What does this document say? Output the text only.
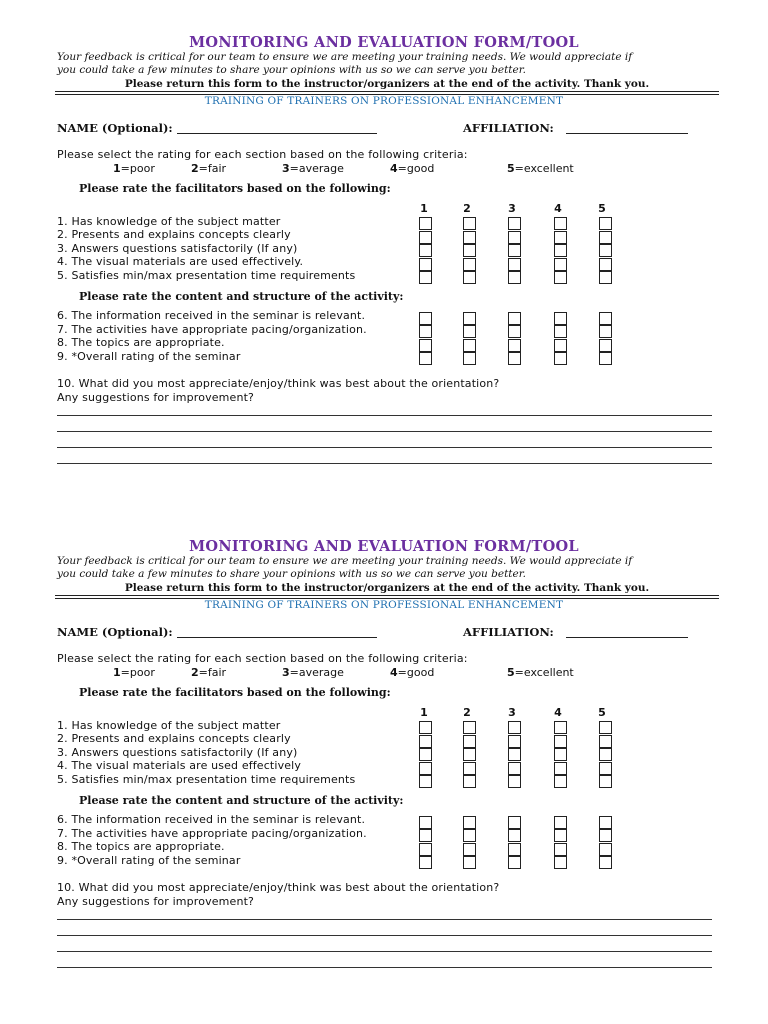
MONITORING AND EVALUATION FORM/TOOL
Your feedback is critical for our team to ensure we are meeting your training needs. We would appreciate if
you could take a few minutes to share your opinions with us so we can serve you better.
Please return this form to the instructor/organizers at the end of the activity. Thank you.
TRAINING OF TRAINERS ON PROFESSIONAL ENHANCEMENT
NAME (Optional):	AFFILIATION:
Please select the rating for each section based on the following criteria:
1=poor	2=fair	3=average	4=good	5=excellent
Please rate the facilitators based on the following:
1	2	3	4	5
1. Has knowledge of the subject matter
2. Presents and explains concepts clearly
3. Answers questions satisfactorily (If any)
4. The visual materials are used effectively.
5. Satisfies min/max presentation time requirements
Please rate the content and structure of the activity:
6. The information received in the seminar is relevant.
7. The activities have appropriate pacing/organization.
8. The topics are appropriate.
9. *Overall rating of the seminar
10. What did you most appreciate/enjoy/think was best about the orientation?
Any suggestions for improvement?
MONITORING AND EVALUATION FORM/TOOL
Your feedback is critical for our team to ensure we are meeting your training needs. We would appreciate if
you could take a few minutes to share your opinions with us so we can serve you better.
Please return this form to the instructor/organizers at the end of the activity. Thank you.
TRAINING OF TRAINERS ON PROFESSIONAL ENHANCEMENT
NAME (Optional):	AFFILIATION:
Please select the rating for each section based on the following criteria:
1=poor	2=fair	3=average	4=good	5=excellent
Please rate the facilitators based on the following:
1	2	3	4	5
1. Has knowledge of the subject matter
2. Presents and explains concepts clearly
3. Answers questions satisfactorily (If any)
4. The visual materials are used effectively
5. Satisfies min/max presentation time requirements
Please rate the content and structure of the activity:
6. The information received in the seminar is relevant.
7. The activities have appropriate pacing/organization.
8. The topics are appropriate.
9. *Overall rating of the seminar
10. What did you most appreciate/enjoy/think was best about the orientation?
Any suggestions for improvement?
